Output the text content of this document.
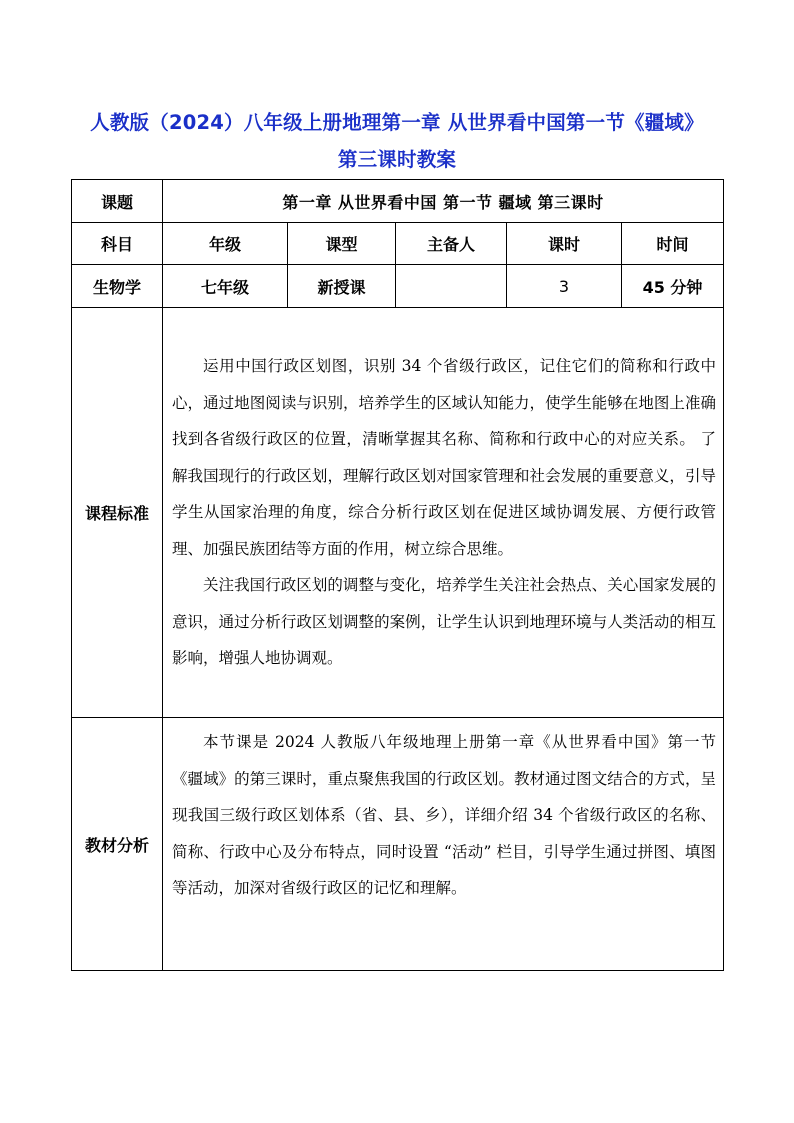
人教版（2024）八年级上册地理第一章 从世界看中国第一节《疆域》
第三课时教案
课题	第一章 从世界看中国 第一节 疆域 第三课时				
科目	年级	课型	主备人	课时	时间
生物学	七年级	新授课		3	45 分钟
课程标准	运用中国行政区划图，识别 34 个省级行政区，记住它们的简称和行政中心，通过地图阅读与识别，培养学生的区域认知能力，使学生能够在地图上准确找到各省级行政区的位置，清晰掌握其名称、简称和行政中心的对应关系。 了解我国现行的行政区划，理解行政区划对国家管理和社会发展的重要意义，引导学生从国家治理的角度，综合分析行政区划在促进区域协调发展、方便行政管理、加强民族团结等方面的作用，树立综合思维。

关注我国行政区划的调整与变化，培养学生关注社会热点、关心国家发展的意识，通过分析行政区划调整的案例，让学生认识到地理环境与人类活动的相互影响，增强人地协调观。				

教材分析	本节课是 2024 人教版八年级地理上册第一章《从世界看中国》第一节《疆域》的第三课时，重点聚焦我国的行政区划。教材通过图文结合的方式，呈现我国三级行政区划体系（省、县、乡），详细介绍 34 个省级行政区的名称、简称、行政中心及分布特点，同时设置 “活动” 栏目，引导学生通过拼图、填图等活动，加深对省级行政区的记忆和理解。				
